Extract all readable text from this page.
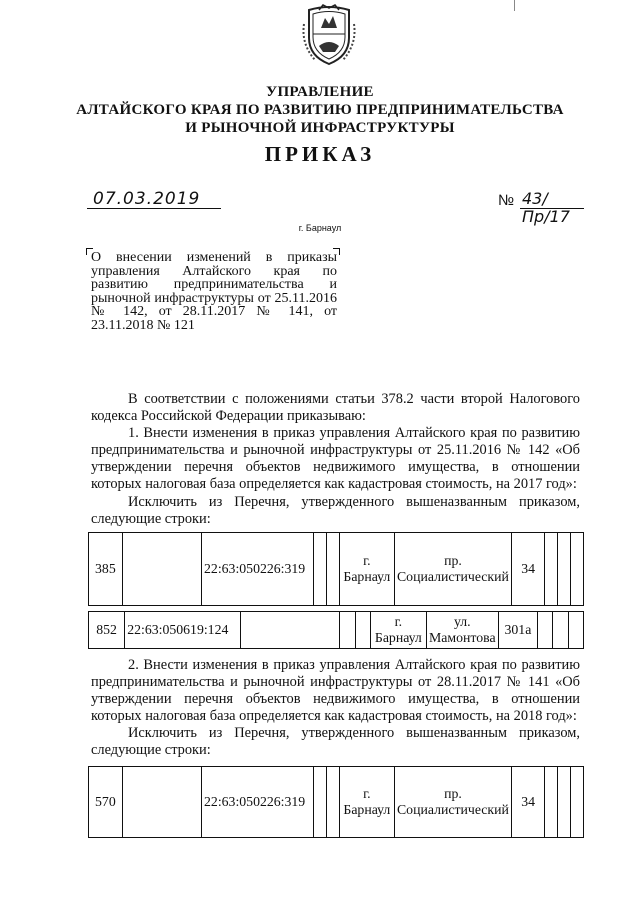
УПРАВЛЕНИЕ
АЛТАЙСКОГО КРАЯ ПО РАЗВИТИЮ ПРЕДПРИНИМАТЕЛЬСТВА
И РЫНОЧНОЙ ИНФРАСТРУКТУРЫ
ПРИКАЗ
07.03.2019	№ 43/Пр/17
г. Барнаул
О внесении изменений в приказы управления Алтайского края по развитию предпринимательства и рыночной инфраструктуры от 25.11.2016 № 142, от 28.11.2017 № 141, от 23.11.2018 № 121
В соответствии с положениями статьи 378.2 части второй Налогового кодекса Российской Федерации приказываю:
1. Внести изменения в приказ управления Алтайского края по развитию предпринимательства и рыночной инфраструктуры от 25.11.2016 № 142 «Об утверждении перечня объектов недвижимого имущества, в отношении которых налоговая база определяется как кадастровая стоимость, на 2017 год»:
Исключить из Перечня, утвержденного вышеназванным приказом, следующие строки:
385		22:63:050226:319			г. Барнаул	пр. Социалистический	34			
852	22:63:050619:124				г. Барнаул	ул. Мамонтова	301а			
2. Внести изменения в приказ управления Алтайского края по развитию предпринимательства и рыночной инфраструктуры от 28.11.2017 № 141 «Об утверждении перечня объектов недвижимого имущества, в отношении которых налоговая база определяется как кадастровая стоимость, на 2018 год»:
Исключить из Перечня, утвержденного вышеназванным приказом, следующие строки:
570		22:63:050226:319			г. Барнаул	пр. Социалистический	34			
